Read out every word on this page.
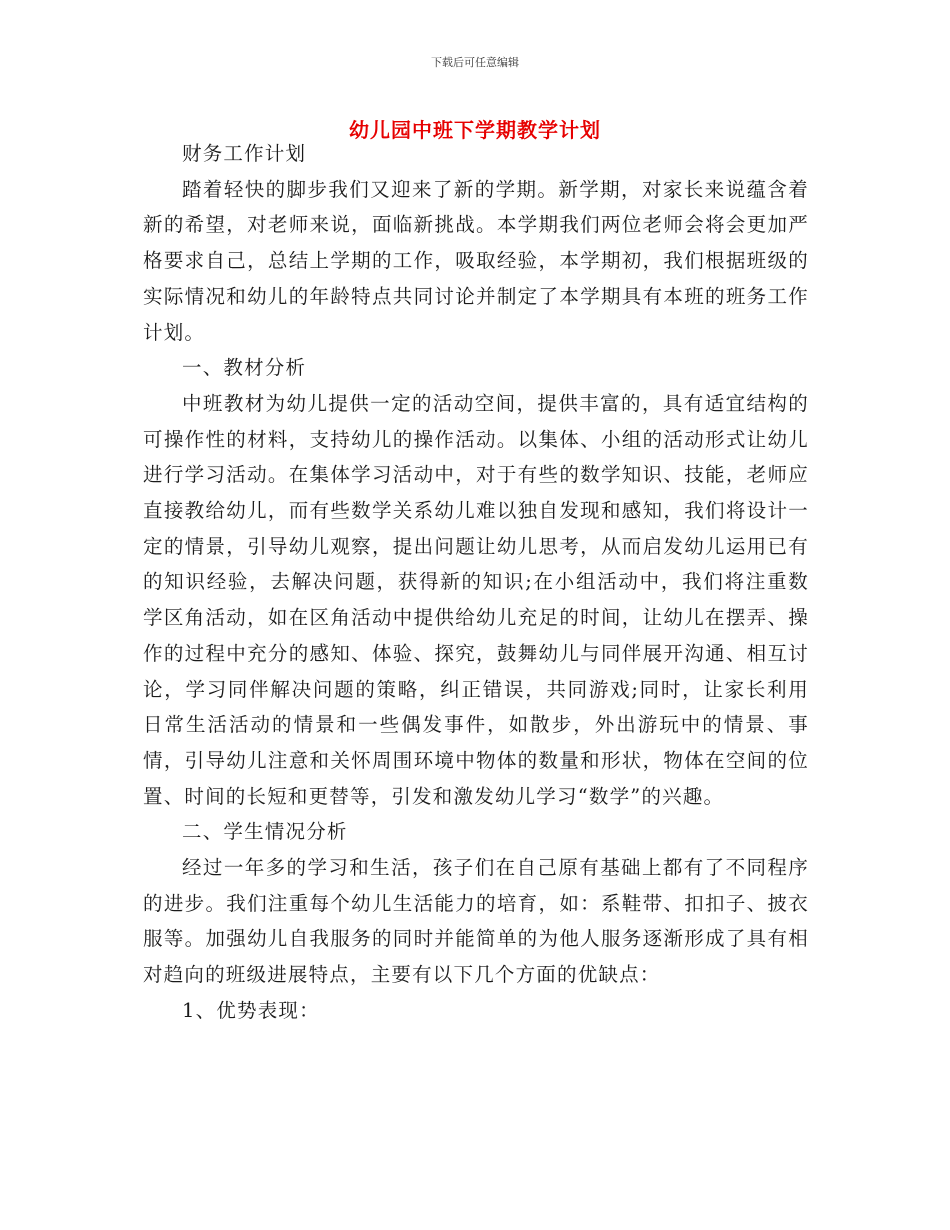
下载后可任意编辑
幼儿园中班下学期教学计划

财务工作计划

踏着轻快的脚步我们又迎来了新的学期。新学期，对家长来说蕴含着新的希望，对老师来说，面临新挑战。本学期我们两位老师会将会更加严格要求自己，总结上学期的工作，吸取经验，本学期初，我们根据班级的实际情况和幼儿的年龄特点共同讨论并制定了本学期具有本班的班务工作计划。

一、教材分析

中班教材为幼儿提供一定的活动空间，提供丰富的，具有适宜结构的可操作性的材料，支持幼儿的操作活动。以集体、小组的活动形式让幼儿进行学习活动。在集体学习活动中，对于有些的数学知识、技能，老师应直接教给幼儿，而有些数学关系幼儿难以独自发现和感知，我们将设计一定的情景，引导幼儿观察，提出问题让幼儿思考，从而启发幼儿运用已有的知识经验，去解决问题，获得新的知识;在小组活动中，我们将注重数学区角活动，如在区角活动中提供给幼儿充足的时间，让幼儿在摆弄、操作的过程中充分的感知、体验、探究，鼓舞幼儿与同伴展开沟通、相互讨论，学习同伴解决问题的策略，纠正错误，共同游戏;同时，让家长利用日常生活活动的情景和一些偶发事件，如散步，外出游玩中的情景、事情，引导幼儿注意和关怀周围环境中物体的数量和形状，物体在空间的位置、时间的长短和更替等，引发和激发幼儿学习“数学”的兴趣。

二、学生情况分析

经过一年多的学习和生活，孩子们在自己原有基础上都有了不同程序的进步。我们注重每个幼儿生活能力的培育，如：系鞋带、扣扣子、披衣服等。加强幼儿自我服务的同时并能简单的为他人服务逐渐形成了具有相对趋向的班级进展特点，主要有以下几个方面的优缺点：

1、优势表现：
